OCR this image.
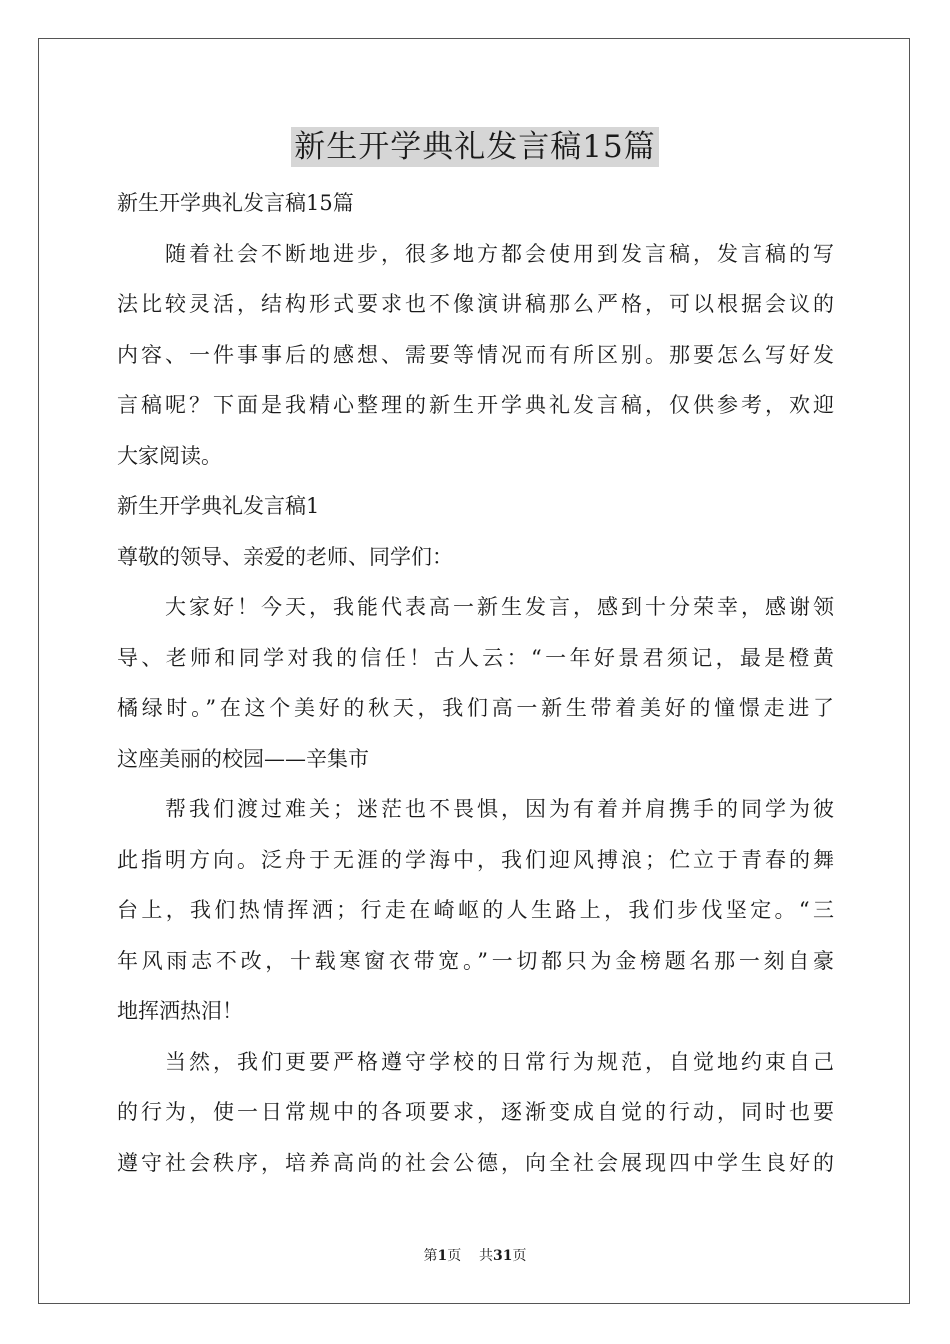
新生开学典礼发言稿15篇
新生开学典礼发言稿15篇
随着社会不断地进步，很多地方都会使用到发言稿，发言稿的写
法比较灵活，结构形式要求也不像演讲稿那么严格，可以根据会议的
内容、一件事事后的感想、需要等情况而有所区别。那要怎么写好发
言稿呢？下面是我精心整理的新生开学典礼发言稿，仅供参考，欢迎
大家阅读。
新生开学典礼发言稿1
尊敬的领导、亲爱的老师、同学们：
大家好！今天，我能代表高一新生发言，感到十分荣幸，感谢领
导、老师和同学对我的信任！古人云：“一年好景君须记，最是橙黄
橘绿时。”在这个美好的秋天，我们高一新生带着美好的憧憬走进了
这座美丽的校园——辛集市
帮我们渡过难关；迷茫也不畏惧，因为有着并肩携手的同学为彼
此指明方向。泛舟于无涯的学海中，我们迎风搏浪；伫立于青春的舞
台上，我们热情挥洒；行走在崎岖的人生路上，我们步伐坚定。“三
年风雨志不改，十载寒窗衣带宽。”一切都只为金榜题名那一刻自豪
地挥洒热泪！
当然，我们更要严格遵守学校的日常行为规范，自觉地约束自己
的行为，使一日常规中的各项要求，逐渐变成自觉的行动，同时也要
遵守社会秩序，培养高尚的社会公德，向全社会展现四中学生良好的
第1页    共31页
